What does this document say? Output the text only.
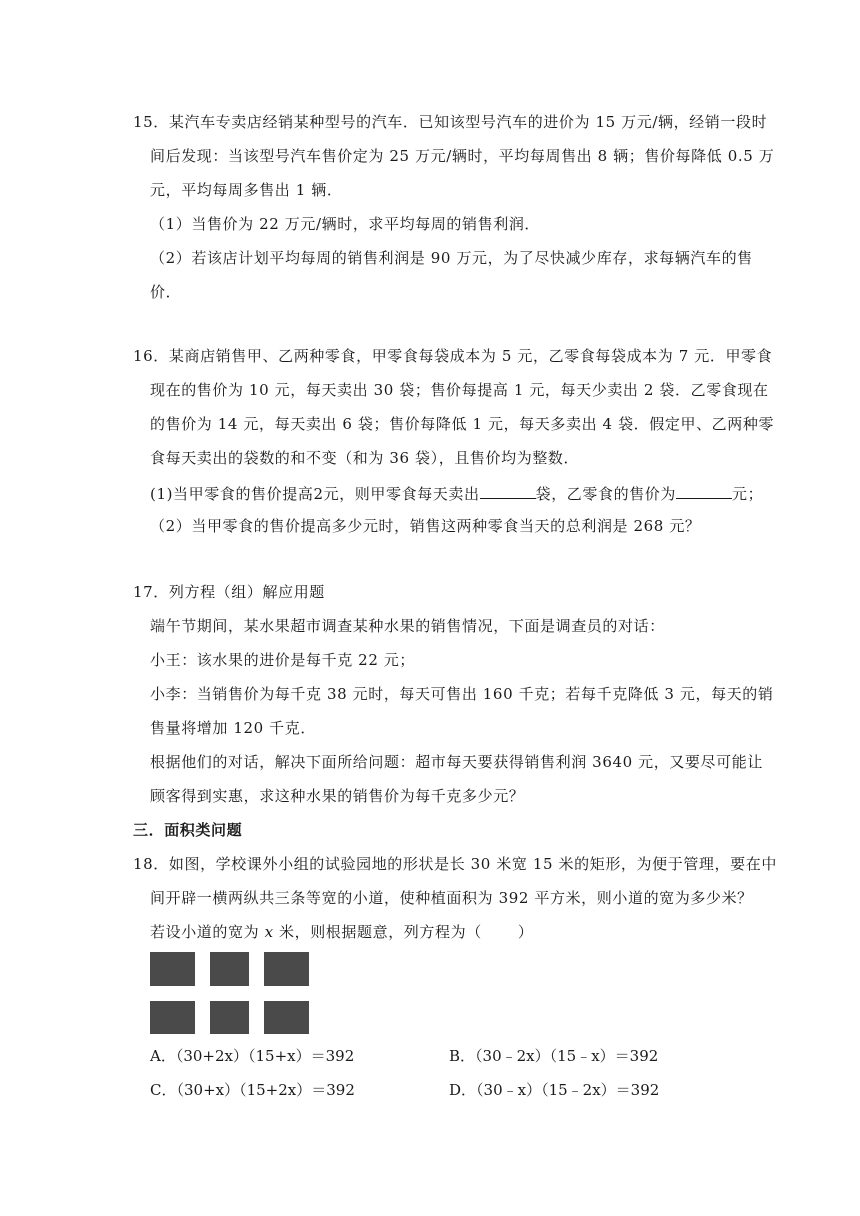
15．某汽车专卖店经销某种型号的汽车．已知该型号汽车的进价为 15 万元/辆，经销一段时
间后发现：当该型号汽车售价定为 25 万元/辆时，平均每周售出 8 辆；售价每降低 0.5 万
元，平均每周多售出 1 辆．
（1）当售价为 22 万元/辆时，求平均每周的销售利润．
（2）若该店计划平均每周的销售利润是 90 万元，为了尽快减少库存，求每辆汽车的售
价．
16．某商店销售甲、乙两种零食，甲零食每袋成本为 5 元，乙零食每袋成本为 7 元．甲零食
现在的售价为 10 元，每天卖出 30 袋；售价每提高 1 元，每天少卖出 2 袋．乙零食现在
的售价为 14 元，每天卖出 6 袋；售价每降低 1 元，每天多卖出 4 袋．假定甲、乙两种零
食每天卖出的袋数的和不变（和为 36 袋），且售价均为整数．
(1)当甲零食的售价提高2元，则甲零食每天卖出	袋，乙零食的售价为	元；
（2）当甲零食的售价提高多少元时，销售这两种零食当天的总利润是 268 元？
17．列方程（组）解应用题
端午节期间，某水果超市调查某种水果的销售情况，下面是调查员的对话：
小王：该水果的进价是每千克 22 元；
小李：当销售价为每千克 38 元时，每天可售出 160 千克；若每千克降低 3 元，每天的销
售量将增加 120 千克．
根据他们的对话，解决下面所给问题：超市每天要获得销售利润 3640 元，又要尽可能让
顾客得到实惠，求这种水果的销售价为每千克多少元？
三．面积类问题
18．如图，学校课外小组的试验园地的形状是长 30 米宽 15 米的矩形，为便于管理，要在中
间开辟一横两纵共三条等宽的小道，使种植面积为 392 平方米，则小道的宽为多少米？
若设小道的宽为 x 米，则根据题意，列方程为（ ）
A．（30+2x）（15+x）＝392	B．（30﹣2x）（15﹣x）＝392
C．（30+x）（15+2x）＝392	D．（30﹣x）（15﹣2x）＝392
